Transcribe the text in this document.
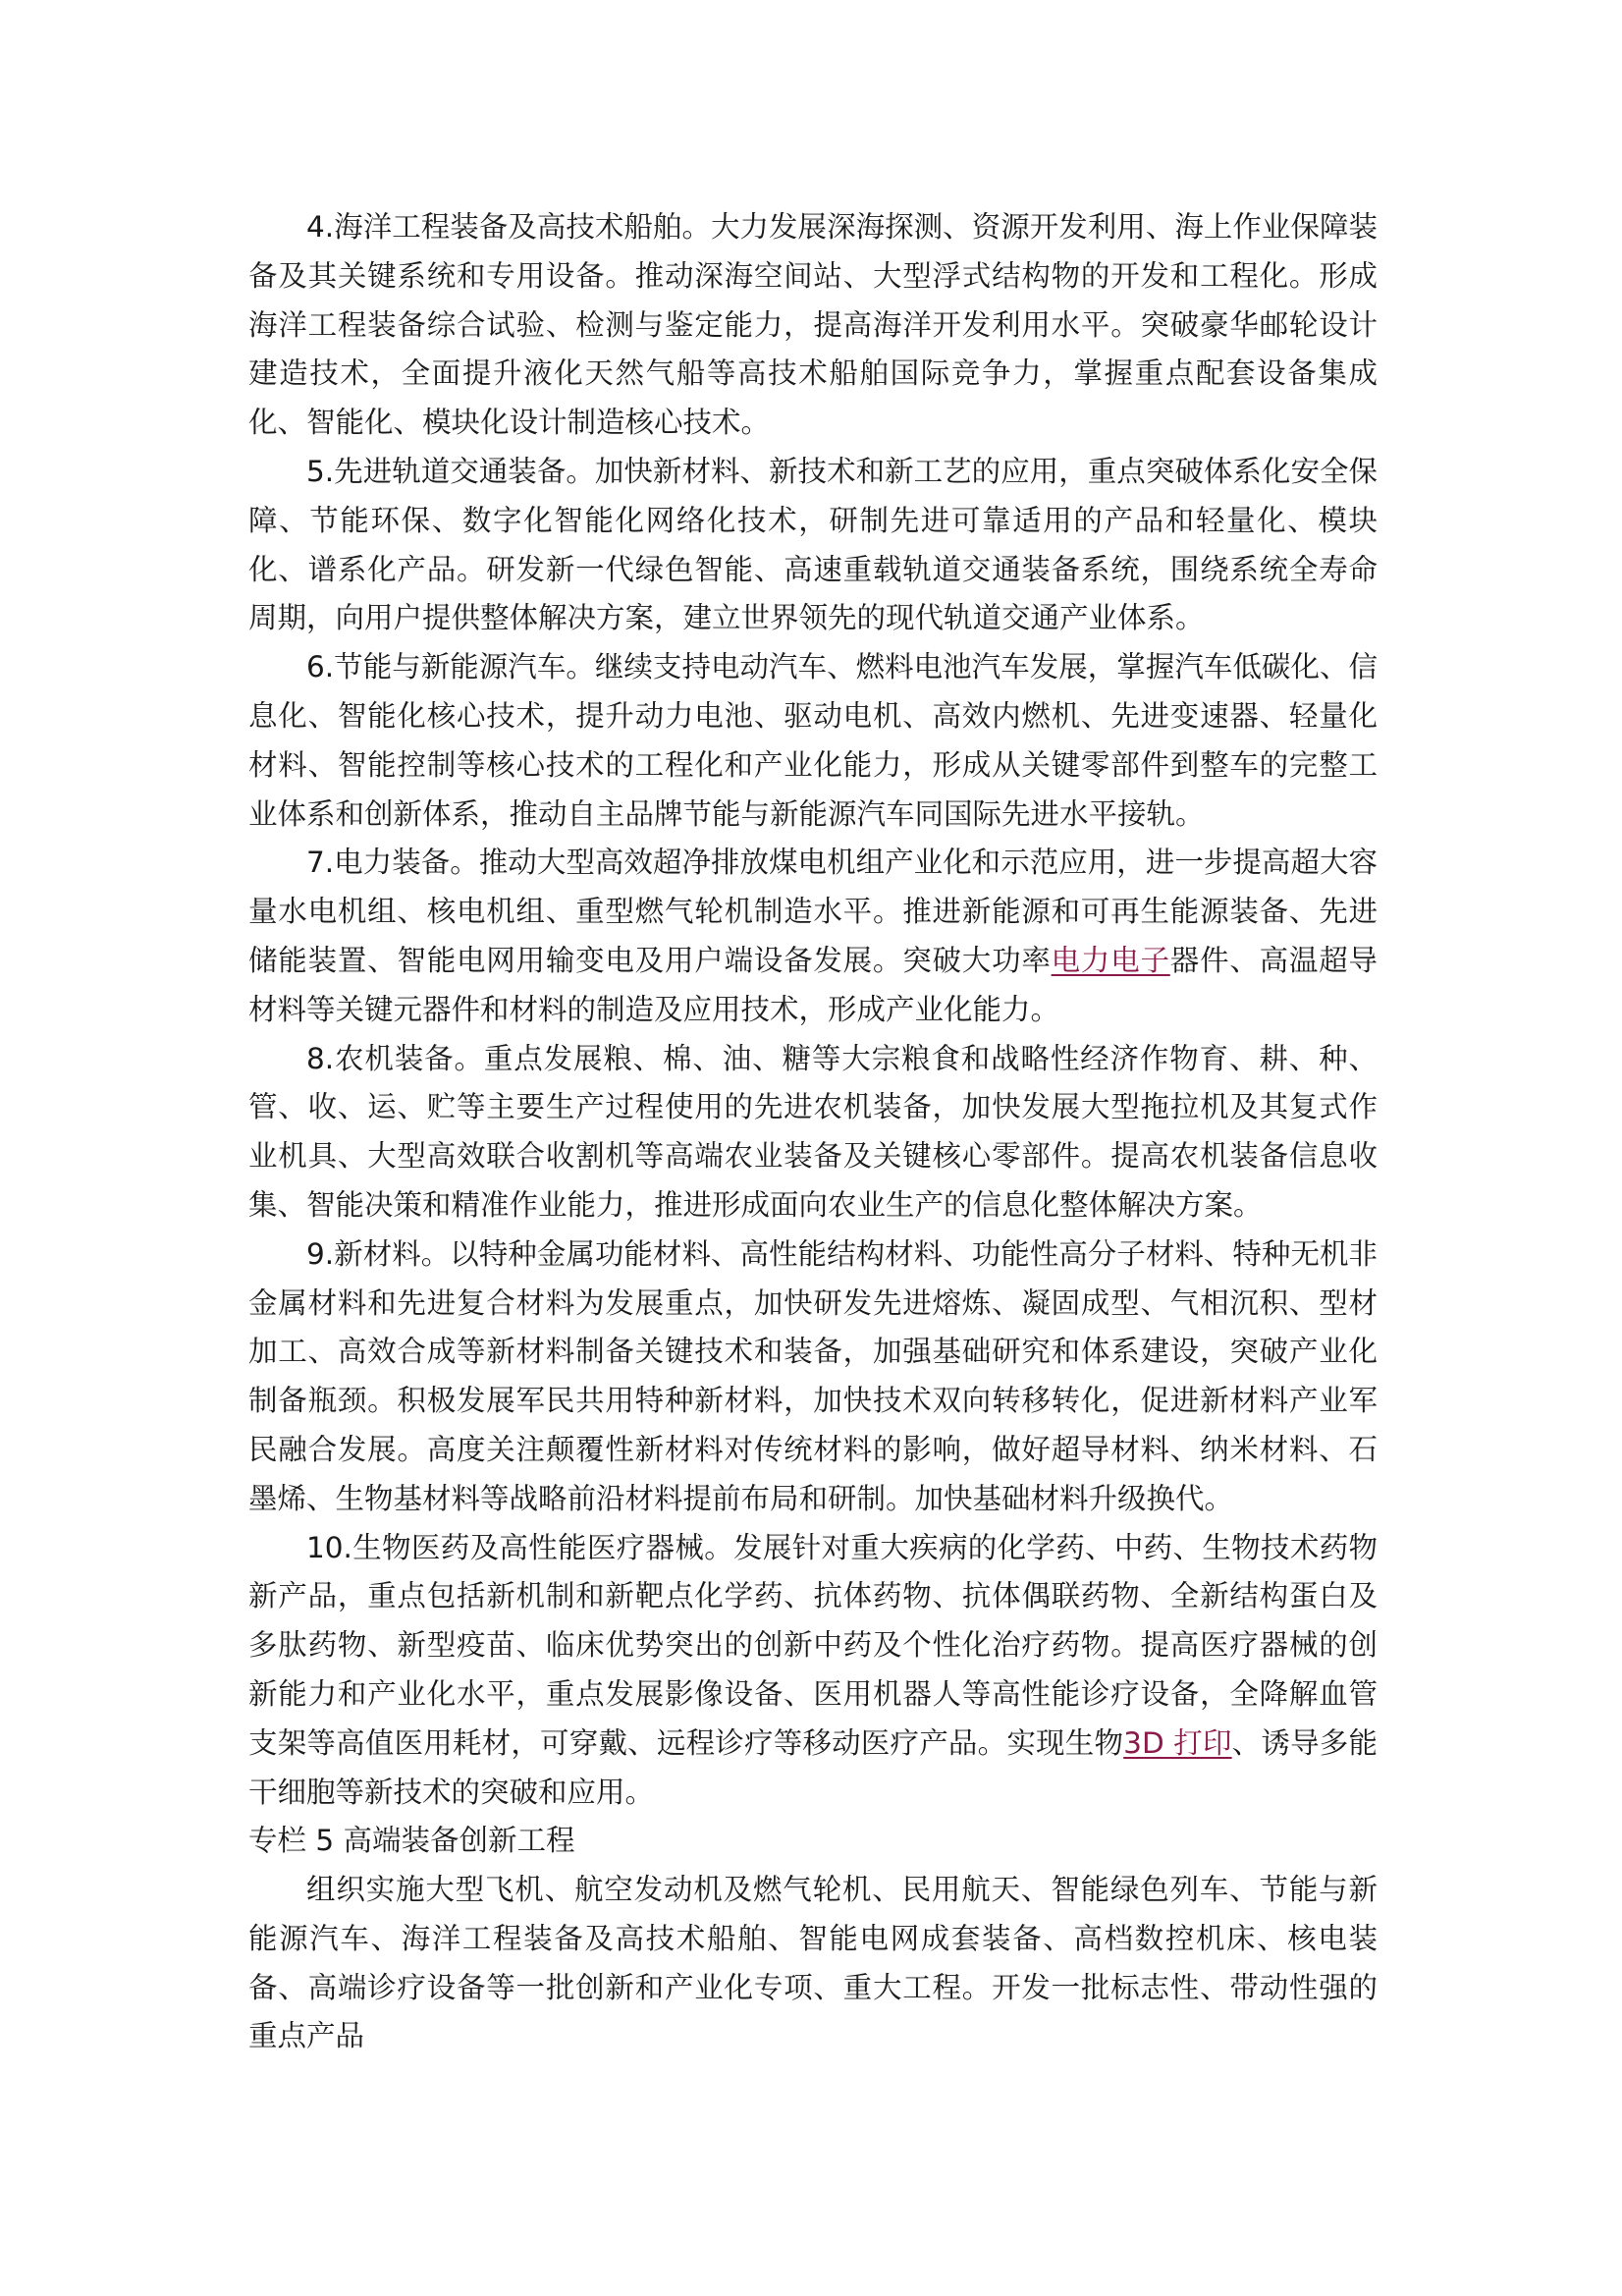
4.海洋工程装备及高技术船舶。大力发展深海探测、资源开发利用、海上作业保障装备及其关键系统和专用设备。推动深海空间站、大型浮式结构物的开发和工程化。形成海洋工程装备综合试验、检测与鉴定能力，提高海洋开发利用水平。突破豪华邮轮设计建造技术，全面提升液化天然气船等高技术船舶国际竞争力，掌握重点配套设备集成化、智能化、模块化设计制造核心技术。

5.先进轨道交通装备。加快新材料、新技术和新工艺的应用，重点突破体系化安全保障、节能环保、数字化智能化网络化技术，研制先进可靠适用的产品和轻量化、模块化、谱系化产品。研发新一代绿色智能、高速重载轨道交通装备系统，围绕系统全寿命周期，向用户提供整体解决方案，建立世界领先的现代轨道交通产业体系。

6.节能与新能源汽车。继续支持电动汽车、燃料电池汽车发展，掌握汽车低碳化、信息化、智能化核心技术，提升动力电池、驱动电机、高效内燃机、先进变速器、轻量化材料、智能控制等核心技术的工程化和产业化能力，形成从关键零部件到整车的完整工业体系和创新体系，推动自主品牌节能与新能源汽车同国际先进水平接轨。

7.电力装备。推动大型高效超净排放煤电机组产业化和示范应用，进一步提高超大容量水电机组、核电机组、重型燃气轮机制造水平。推进新能源和可再生能源装备、先进储能装置、智能电网用输变电及用户端设备发展。突破大功率电力电子器件、高温超导材料等关键元器件和材料的制造及应用技术，形成产业化能力。

8.农机装备。重点发展粮、棉、油、糖等大宗粮食和战略性经济作物育、耕、种、管、收、运、贮等主要生产过程使用的先进农机装备，加快发展大型拖拉机及其复式作业机具、大型高效联合收割机等高端农业装备及关键核心零部件。提高农机装备信息收集、智能决策和精准作业能力，推进形成面向农业生产的信息化整体解决方案。

9.新材料。以特种金属功能材料、高性能结构材料、功能性高分子材料、特种无机非金属材料和先进复合材料为发展重点，加快研发先进熔炼、凝固成型、气相沉积、型材加工、高效合成等新材料制备关键技术和装备，加强基础研究和体系建设，突破产业化制备瓶颈。积极发展军民共用特种新材料，加快技术双向转移转化，促进新材料产业军民融合发展。高度关注颠覆性新材料对传统材料的影响，做好超导材料、纳米材料、石墨烯、生物基材料等战略前沿材料提前布局和研制。加快基础材料升级换代。

10.生物医药及高性能医疗器械。发展针对重大疾病的化学药、中药、生物技术药物新产品，重点包括新机制和新靶点化学药、抗体药物、抗体偶联药物、全新结构蛋白及多肽药物、新型疫苗、临床优势突出的创新中药及个性化治疗药物。提高医疗器械的创新能力和产业化水平，重点发展影像设备、医用机器人等高性能诊疗设备，全降解血管支架等高值医用耗材，可穿戴、远程诊疗等移动医疗产品。实现生物3D 打印、诱导多能干细胞等新技术的突破和应用。

专栏 5 高端装备创新工程

组织实施大型飞机、航空发动机及燃气轮机、民用航天、智能绿色列车、节能与新能源汽车、海洋工程装备及高技术船舶、智能电网成套装备、高档数控机床、核电装备、高端诊疗设备等一批创新和产业化专项、重大工程。开发一批标志性、带动性强的重点产品
